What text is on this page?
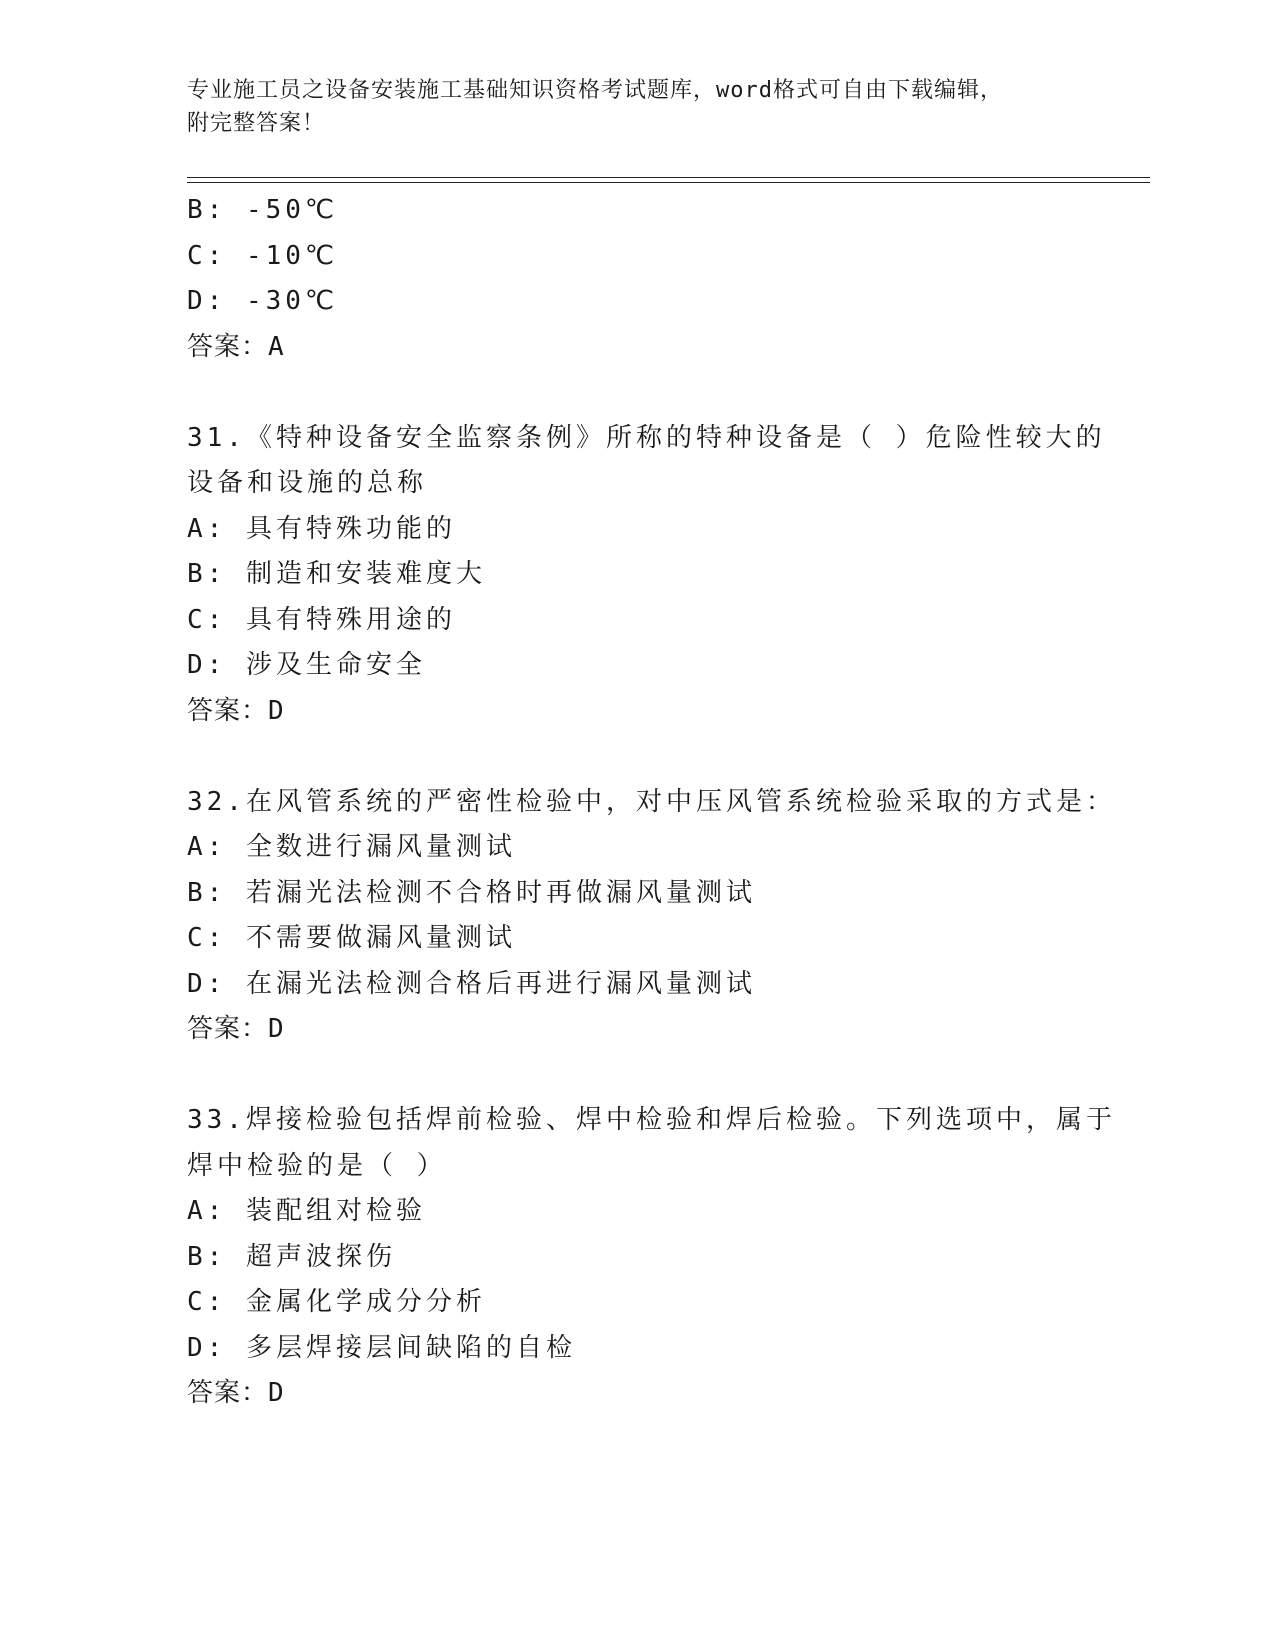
专业施工员之设备安装施工基础知识资格考试题库，word格式可自由下载编辑，
附完整答案！
B: -50℃
C: -10℃
D: -30℃
答案：A
31.《特种设备安全监察条例》所称的特种设备是（ ）危险性较大的
设备和设施的总称
A: 具有特殊功能的
B: 制造和安装难度大
C: 具有特殊用途的
D: 涉及生命安全
答案：D
32.在风管系统的严密性检验中，对中压风管系统检验采取的方式是：
A: 全数进行漏风量测试
B: 若漏光法检测不合格时再做漏风量测试
C: 不需要做漏风量测试
D: 在漏光法检测合格后再进行漏风量测试
答案：D
33.焊接检验包括焊前检验、焊中检验和焊后检验。下列选项中，属于
焊中检验的是（ ）
A: 装配组对检验
B: 超声波探伤
C: 金属化学成分分析
D: 多层焊接层间缺陷的自检
答案：D
